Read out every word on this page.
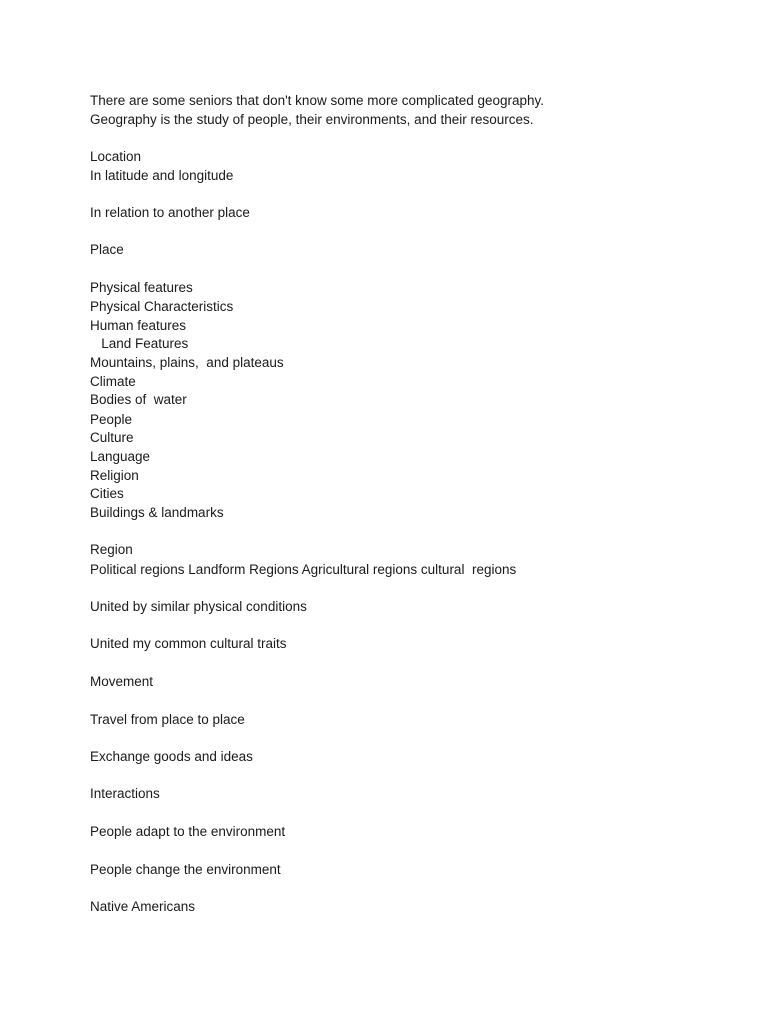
There are some seniors that don't know some more complicated geography.
Geography is the study of people, their environments, and their resources.
Location
In latitude and longitude
In relation to another place
Place
Physical features
Physical Characteristics
Human features
Land Features
Mountains, plains,  and plateaus
Climate
Bodies of  water
People
Culture
Language
Religion
Cities
Buildings & landmarks
Region
Political regions Landform Regions Agricultural regions cultural  regions
United by similar physical conditions
United my common cultural traits
Movement
Travel from place to place
Exchange goods and ideas
Interactions
People adapt to the environment
People change the environment
Native Americans
